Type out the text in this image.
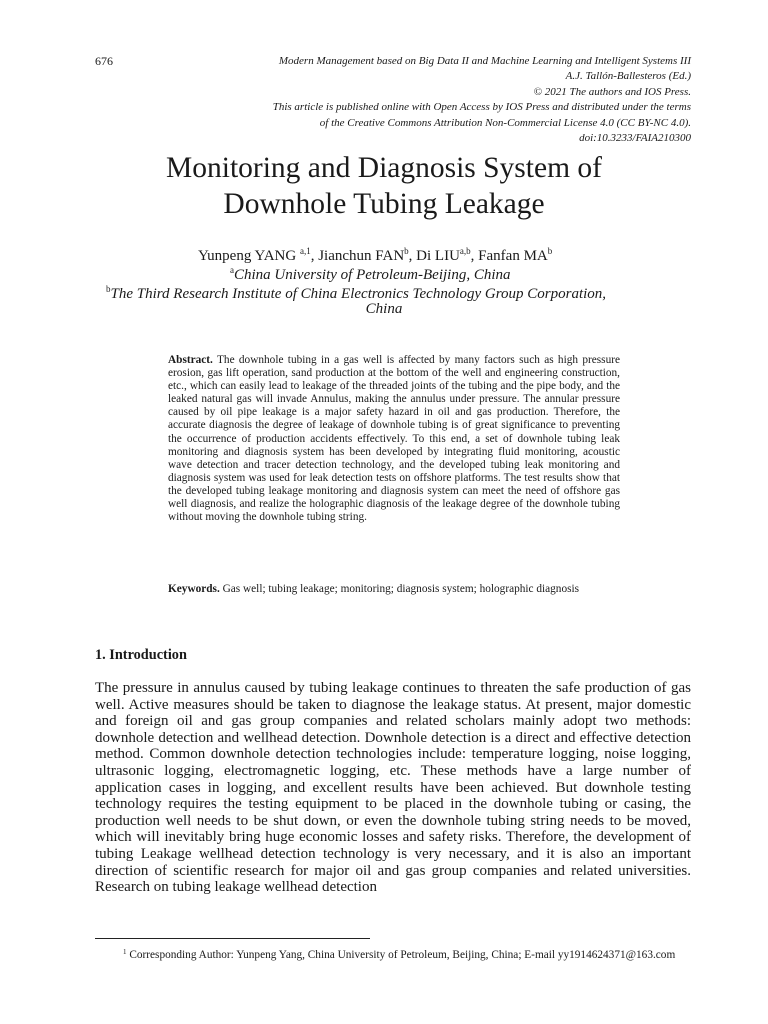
676	Modern Management based on Big Data II and Machine Learning and Intelligent Systems III
A.J. Tallón-Ballesteros (Ed.)
© 2021 The authors and IOS Press.
This article is published online with Open Access by IOS Press and distributed under the terms
of the Creative Commons Attribution Non-Commercial License 4.0 (CC BY-NC 4.0).
doi:10.3233/FAIA210300
Monitoring and Diagnosis System of
Downhole Tubing Leakage
Yunpeng YANG $^{a,1}$, Jianchun FAN$^b$, Di LIU$^{a,b}$, Fanfan $MA^b$
$^a$China University of Petroleum-Beijing, China
$^b$The Third Research Institute of China Electronics Technology Group Corporation,
China
Abstract. The downhole tubing in a gas well is affected by many factors such as high pressure erosion, gas lift operation, sand production at the bottom of the well and engineering construction, etc., which can easily lead to leakage of the threaded joints of the tubing and the pipe body, and the leaked natural gas will invade Annulus, making the annulus under pressure. The annular pressure caused by oil pipe leakage is a major safety hazard in oil and gas production. Therefore, the accurate diagnosis the degree of leakage of downhole tubing is of great significance to preventing the occurrence of production accidents effectively. To this end, a set of downhole tubing leak monitoring and diagnosis system has been developed by integrating fluid monitoring, acoustic wave detection and tracer detection technology, and the developed tubing leak monitoring and diagnosis system was used for leak detection tests on offshore platforms. The test results show that the developed tubing leakage monitoring and diagnosis system can meet the need of offshore gas well diagnosis, and realize the holographic diagnosis of the leakage degree of the downhole tubing without moving the downhole tubing string.
Keywords. Gas well; tubing leakage; monitoring; diagnosis system; holographic diagnosis
1. Introduction
The pressure in annulus caused by tubing leakage continues to threaten the safe production of gas well. Active measures should be taken to diagnose the leakage status. At present, major domestic and foreign oil and gas group companies and related scholars mainly adopt two methods: downhole detection and wellhead detection. Downhole detection is a direct and effective detection method. Common downhole detection technologies include: temperature logging, noise logging, ultrasonic logging, electromagnetic logging, etc. These methods have a large number of application cases in logging, and excellent results have been achieved. But downhole testing technology requires the testing equipment to be placed in the downhole tubing or casing, the production well needs to be shut down, or even the downhole tubing string needs to be moved, which will inevitably bring huge economic losses and safety risks. Therefore, the development of tubing Leakage wellhead detection technology is very necessary, and it is also an important direction of scientific research for major oil and gas group companies and related universities. Research on tubing leakage wellhead detection
$^1$ Corresponding Author: Yunpeng Yang, China University of Petroleum, Beijing, China; E-mail yy1914624371@163.com
